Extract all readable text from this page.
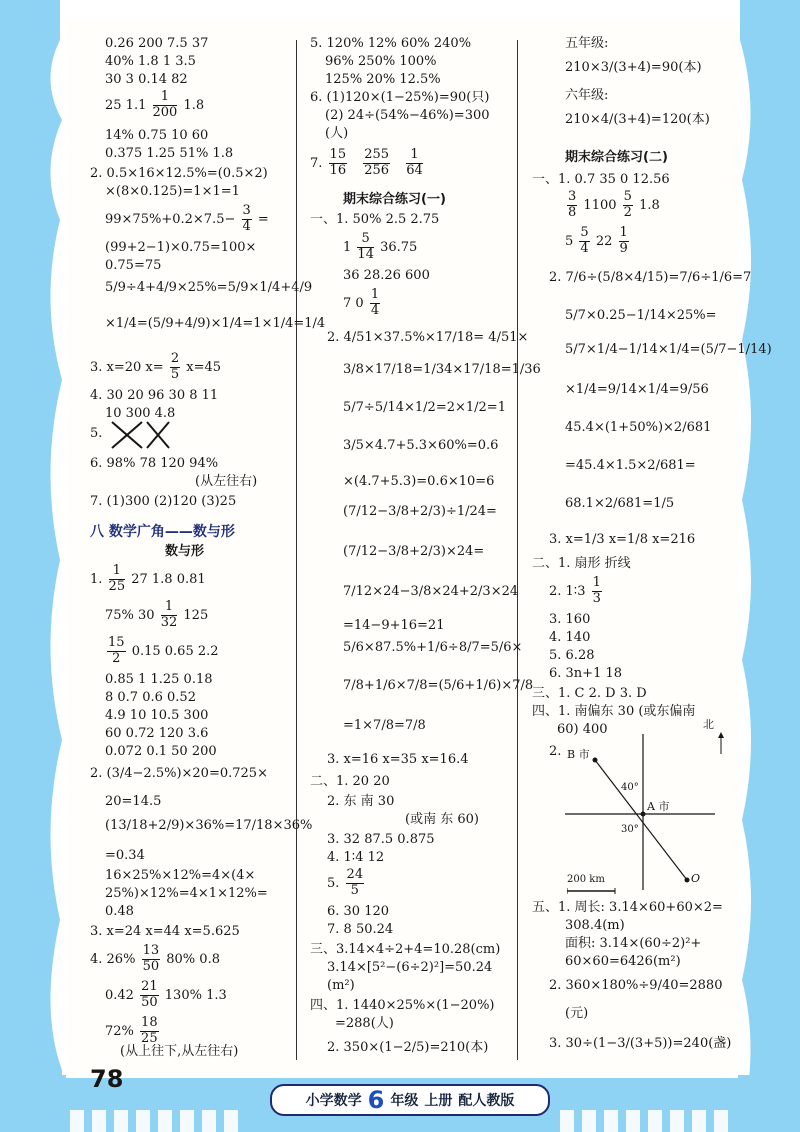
0.26 200 7.5 37
40% 1.8 1 3.5
30 3 0.14 82
25 $1.1 \frac{1}{200} 1.8$
14% 0.75 10 60
0.375 1.25 51% 1.8
2. 0.5×16×12.5%=(0.5×2)
×(8×0.125)=1×1=1
$99\times 75\%+0.2\times 7.5- \frac{3}{4}$ =
(99+2−1)×0.75=100×
0.75=75
5/9÷4+4/9×25%=5/9×1/4+4/9
×1/4=(5/9+4/9)×1/4=1×1/4=1/4
3. x=20 $x= \frac{2}{5} x=45$
4. 30 20 96 30 8 11
10 300 4.8
5.
6. 98% 78 120 94%
(从左往右)
7. (1)300 (2)120 (3)25
八 数学广角——数与形
数与形
1. $\frac{1}{25} 27$ 1.8 0.81
75% $30 \frac{1}{32} 125$
$\frac{15}{2} 0.15$ 0.65 2.2
0.85 1 1.25 0.18
8 0.7 0.6 0.52
4.9 10 10.5 300
60 0.72 120 3.6
0.072 0.1 50 200
2. (3/4−2.5%)×20=0.725×
20=14.5
(13/18+2/9)×36%=17/18×36%
=0.34
16×25%×12%=4×(4×
25%)×12%=4×1×12%=
0.48
3. x=24 x=44 x=5.625
4. $26\% \frac{13}{50} 80\%$ 0.8
$0.42 \frac{21}{50} 130\%$ 1.3
$72\% \frac{18}{25}$
(从上往下,从左往右)
5. 120% 12% 60% 240%
96% 250% 100%
125% 20% 12.5%
6. (1)120×(1−25%)=90(只)
(2) 24÷(54%−46%)=300
(人)
7. $\frac{15}{16}$
$\frac{255}{256}$
$\frac{1}{64}$
期末综合练习(一)
一、1. 50% 2.5 2.75
$1 \frac{5}{14} 36.75$
36 28.26 600
7 $0 \frac{1}{4}$
2. 4/51×37.5%×17/18= 4/51×
3/8×17/18=1/34×17/18=1/36
5/7÷5/14×1/2=2×1/2=1
3/5×4.7+5.3×60%=0.6
×(4.7+5.3)=0.6×10=6
(7/12−3/8+2/3)÷1/24=
(7/12−3/8+2/3)×24=
7/12×24−3/8×24+2/3×24
=14−9+16=21
5/6×87.5%+1/6÷8/7=5/6×
7/8+1/6×7/8=(5/6+1/6)×7/8
=1×7/8=7/8
3. x=16 x=35 x=16.4
二、1. 20 20
2. 东 南 30
(或南 东 60)
3. 32 87.5 0.875
4. 1∶4 12
5. $\frac{24}{5}$
6. 30 120
7. 8 50.24
三、3.14×4÷2+4=10.28(cm)
3.14×[5²−(6÷2)²]=50.24
(m²)
四、1. 1440×25%×(1−20%)
=288(人)
2. 350×(1−2/5)=210(本)
五年级:
210×3/(3+4)=90(本)
六年级:
210×4/(3+4)=120(本)
期末综合练习(二)
一、1. 0.7 35 0 12.56
$\frac{3}{8} 1100 \frac{5}{2} 1.8$
$5 \frac{5}{4} 22 \frac{1}{9}$
2. 7/6÷(5/8×4/15)=7/6÷1/6=7
5/7×0.25−1/14×25%=
5/7×1/4−1/14×1/4=(5/7−1/14)
×1/4=9/14×1/4=9/56
45.4×(1+50%)×2/681
=45.4×1.5×2/681=
68.1×2/681=1/5
3. x=1/3 x=1/8 x=216
二、1. 扇形 折线
2. 1∶3 $\frac{1}{3}$
3. 160
4. 140
5. 6.28
6. 3n+1 18
三、1. C 2. D 3. D
四、1. 南偏东 30 (或东偏南
60) 400
2.
北
B 市
A 市
40°
30°
O
200 km
五、1. 周长: 3.14×60+60×2=
308.4(m)
面积: 3.14×(60÷2)²+
60×60=6426(m²)
2. 360×180%÷9/40=2880
(元)
3. 30÷(1−3/(3+5))=240(盏)
78
小学数学 6 年级 上册 配人教版
